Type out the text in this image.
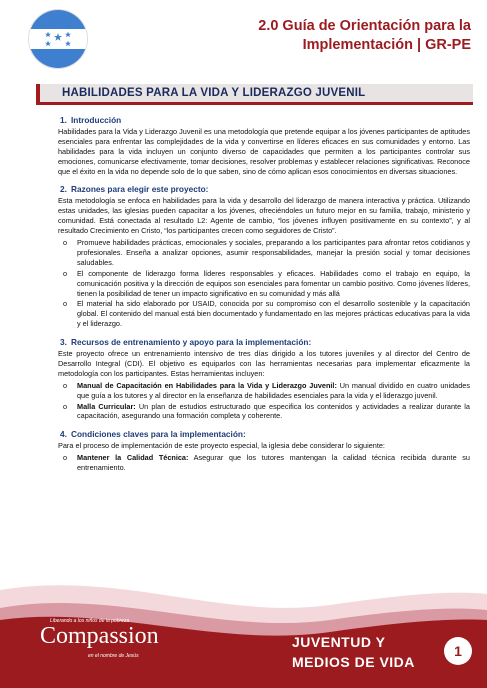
2.0 Guía de Orientación para la
Implementación | GR-PE
HABILIDADES PARA LA VIDA Y LIDERAZGO JUVENIL
1. Introducción

Habilidades para la Vida y Liderazgo Juvenil es una metodología que pretende equipar a los jóvenes participantes de aptitudes esenciales para enfrentar las complejidades de la vida y convertirse en líderes eficaces en sus comunidades y entorno. Las habilidades para la vida incluyen un conjunto diverso de capacidades que permiten a los participantes controlar sus emociones, comunicarse efectivamente, tomar decisiones, resolver problemas y establecer relaciones significativas. Reconoce que el éxito en la vida no depende solo de lo que saben, sino de cómo aplican esos conocimientos en diversas situaciones.

2. Razones para elegir este proyecto:

Esta metodología se enfoca en habilidades para la vida y desarrollo del liderazgo de manera interactiva y práctica. Utilizando estas unidades, las iglesias pueden capacitar a los jóvenes, ofreciéndoles un futuro mejor en su familia, trabajo, ministerio y comunidad. Está conectada al resultado L2: Agente de cambio, “los jóvenes influyen positivamente en su contexto”, y al resultado Crecimiento en Cristo, “los participantes crecen como seguidores de Cristo”.

o Promueve habilidades prácticas, emocionales y sociales, preparando a los participantes para afrontar retos cotidianos y profesionales. Enseña a analizar opciones, asumir responsabilidades, manejar la presión social y tomar decisiones saludables.
o El componente de liderazgo forma líderes responsables y eficaces. Habilidades como el trabajo en equipo, la comunicación positiva y la dirección de equipos son esenciales para fomentar un cambio positivo. Como jóvenes líderes, tienen la posibilidad de tener un impacto significativo en su comunidad y más allá
o El material ha sido elaborado por USAID, conocida por su compromiso con el desarrollo sostenible y la capacitación global. El contenido del manual está bien documentado y fundamentado en las mejores prácticas educativas para la vida y el liderazgo.
3. Recursos de entrenamiento y apoyo para la implementación:

Este proyecto ofrece un entrenamiento intensivo de tres días dirigido a los tutores juveniles y al director del Centro de Desarrollo Integral (CDI). El objetivo es equiparlos con las herramientas necesarias para implementar eficazmente la metodología con los participantes. Estas herramientas incluyen:

o Manual de Capacitación en Habilidades para la Vida y Liderazgo Juvenil: Un manual dividido en cuatro unidades que guía a los tutores y al director en la enseñanza de habilidades esenciales para la vida y el liderazgo juvenil.
o Malla Curricular: Un plan de estudios estructurado que especifica los contenidos y actividades a realizar durante la capacitación, asegurando una formación completa y coherente.
4. Condiciones claves para la implementación:

Para el proceso de implementación de este proyecto especial, la iglesia debe considerar lo siguiente:

o Mantener la Calidad Técnica: Asegurar que los tutores mantengan la calidad técnica recibida durante su entrenamiento.
Liberando a los niños de la pobreza
Compassion
en el nombre de Jesús
JUVENTUD Y
MEDIOS DE VIDA
1
